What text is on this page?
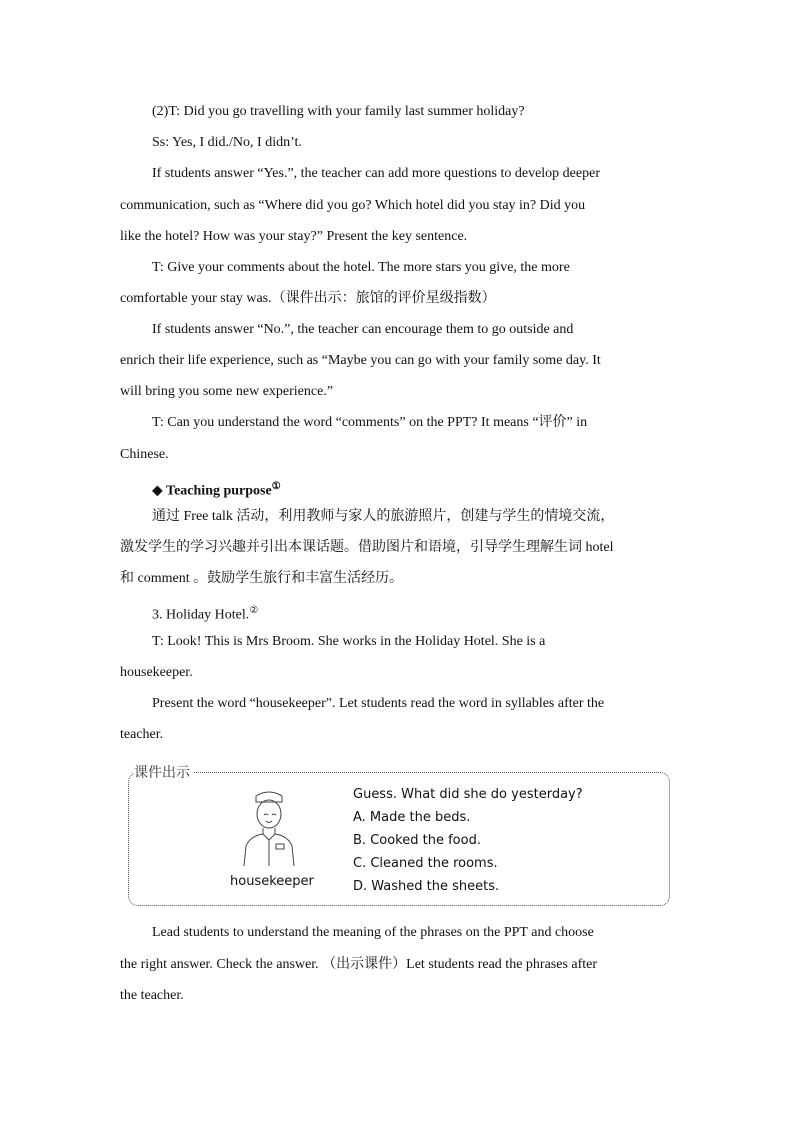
(2)T: Did you go travelling with your family last summer holiday?
Ss: Yes, I did./No, I didn’t.
If students answer “Yes.”, the teacher can add more questions to develop deeper
communication, such as “Where did you go? Which hotel did you stay in? Did you
like the hotel? How was your stay?” Present the key sentence.
T: Give your comments about the hotel. The more stars you give, the more
comfortable your stay was.（课件出示：旅馆的评价星级指数）
If students answer “No.”, the teacher can encourage them to go outside and
enrich their life experience, such as “Maybe you can go with your family some day. It
will bring you some new experience.”
T: Can you understand the word “comments” on the PPT? It means “评价” in
Chinese.
◆ Teaching purpose①
通过 Free talk 活动，利用教师与家人的旅游照片，创建与学生的情境交流，
激发学生的学习兴趣并引出本课话题。借助图片和语境，引导学生理解生词 hotel
和 comment 。鼓励学生旅行和丰富生活经历。
3. Holiday Hotel.②
T: Look! This is Mrs Broom. She works in the Holiday Hotel. She is a
housekeeper.
Present the word “housekeeper”. Let students read the word in syllables after the
teacher.
课件出示
housekeeper
Guess. What did she do yesterday?
A. Made the beds.
B. Cooked the food.
C. Cleaned the rooms.
D. Washed the sheets.
Lead students to understand the meaning of the phrases on the PPT and choose
the right answer. Check the answer. （出示课件）Let students read the phrases after
the teacher.
